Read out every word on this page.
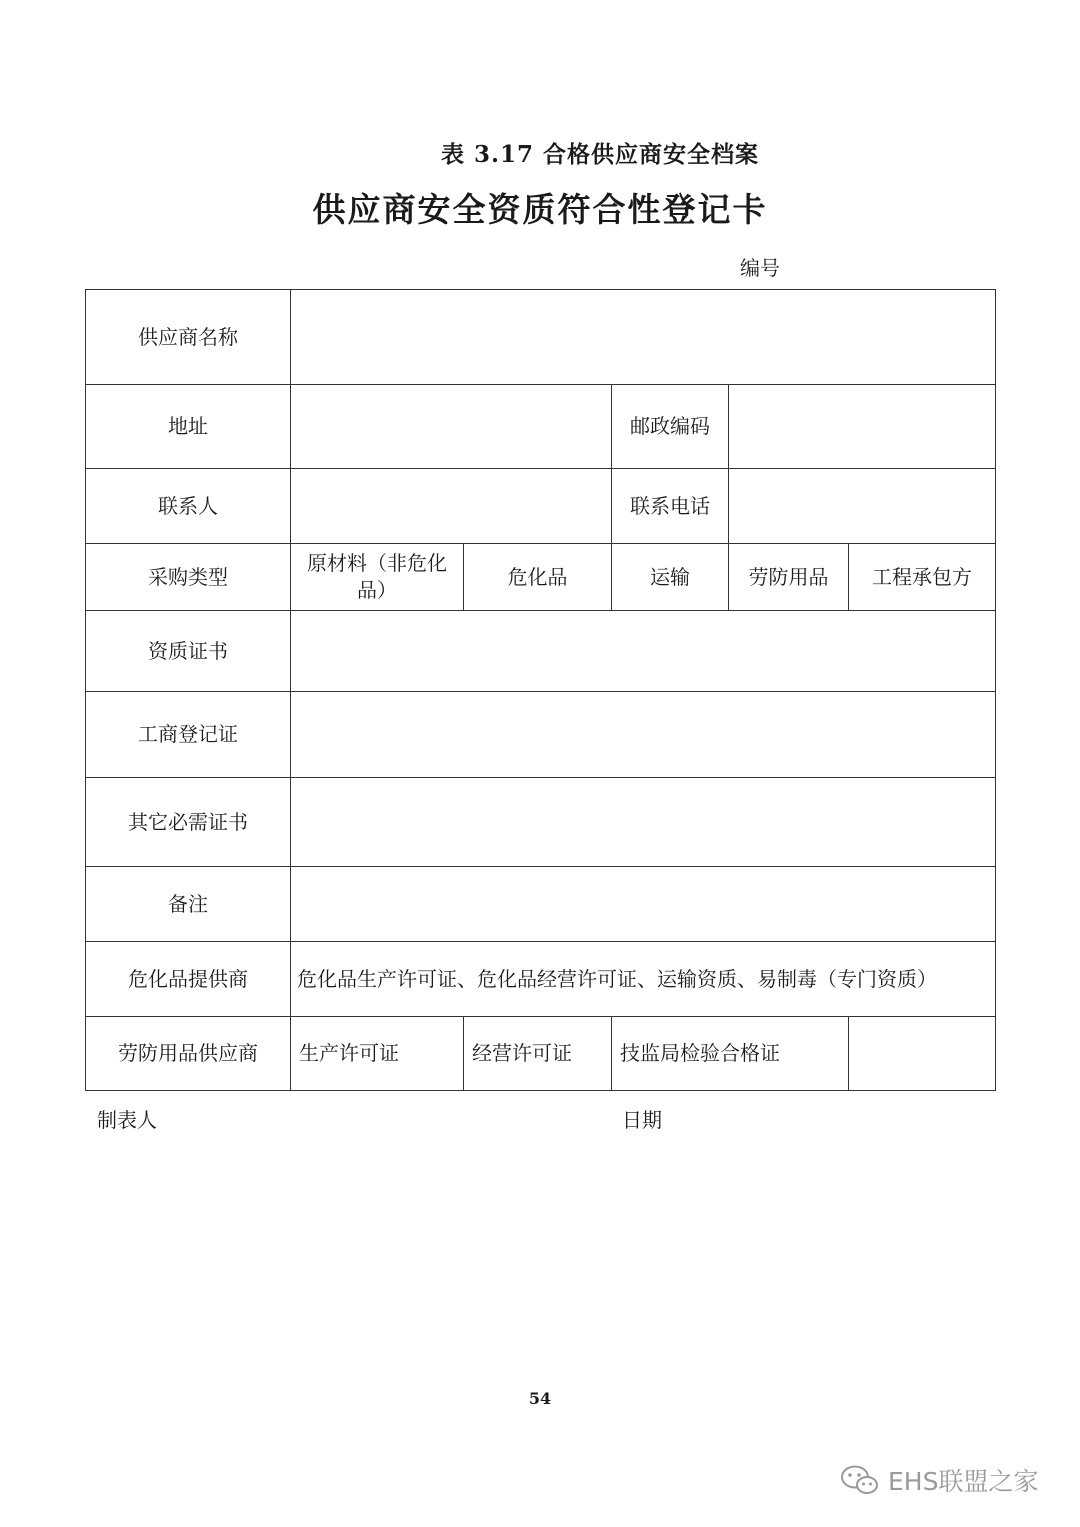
表 3.17 合格供应商安全档案
供应商安全资质符合性登记卡
编号
供应商名称					
地址			邮政编码		
联系人			联系电话		
采购类型	原材料（非危化品）	危化品	运输	劳防用品	工程承包方
资质证书					
工商登记证					
其它必需证书					
备注					
危化品提供商	危化品生产许可证、危化品经营许可证、运输资质、易制毒（专门资质）				
劳防用品供应商	生产许可证	经营许可证	技监局检验合格证		
制表人	日期
54
EHS联盟之家
